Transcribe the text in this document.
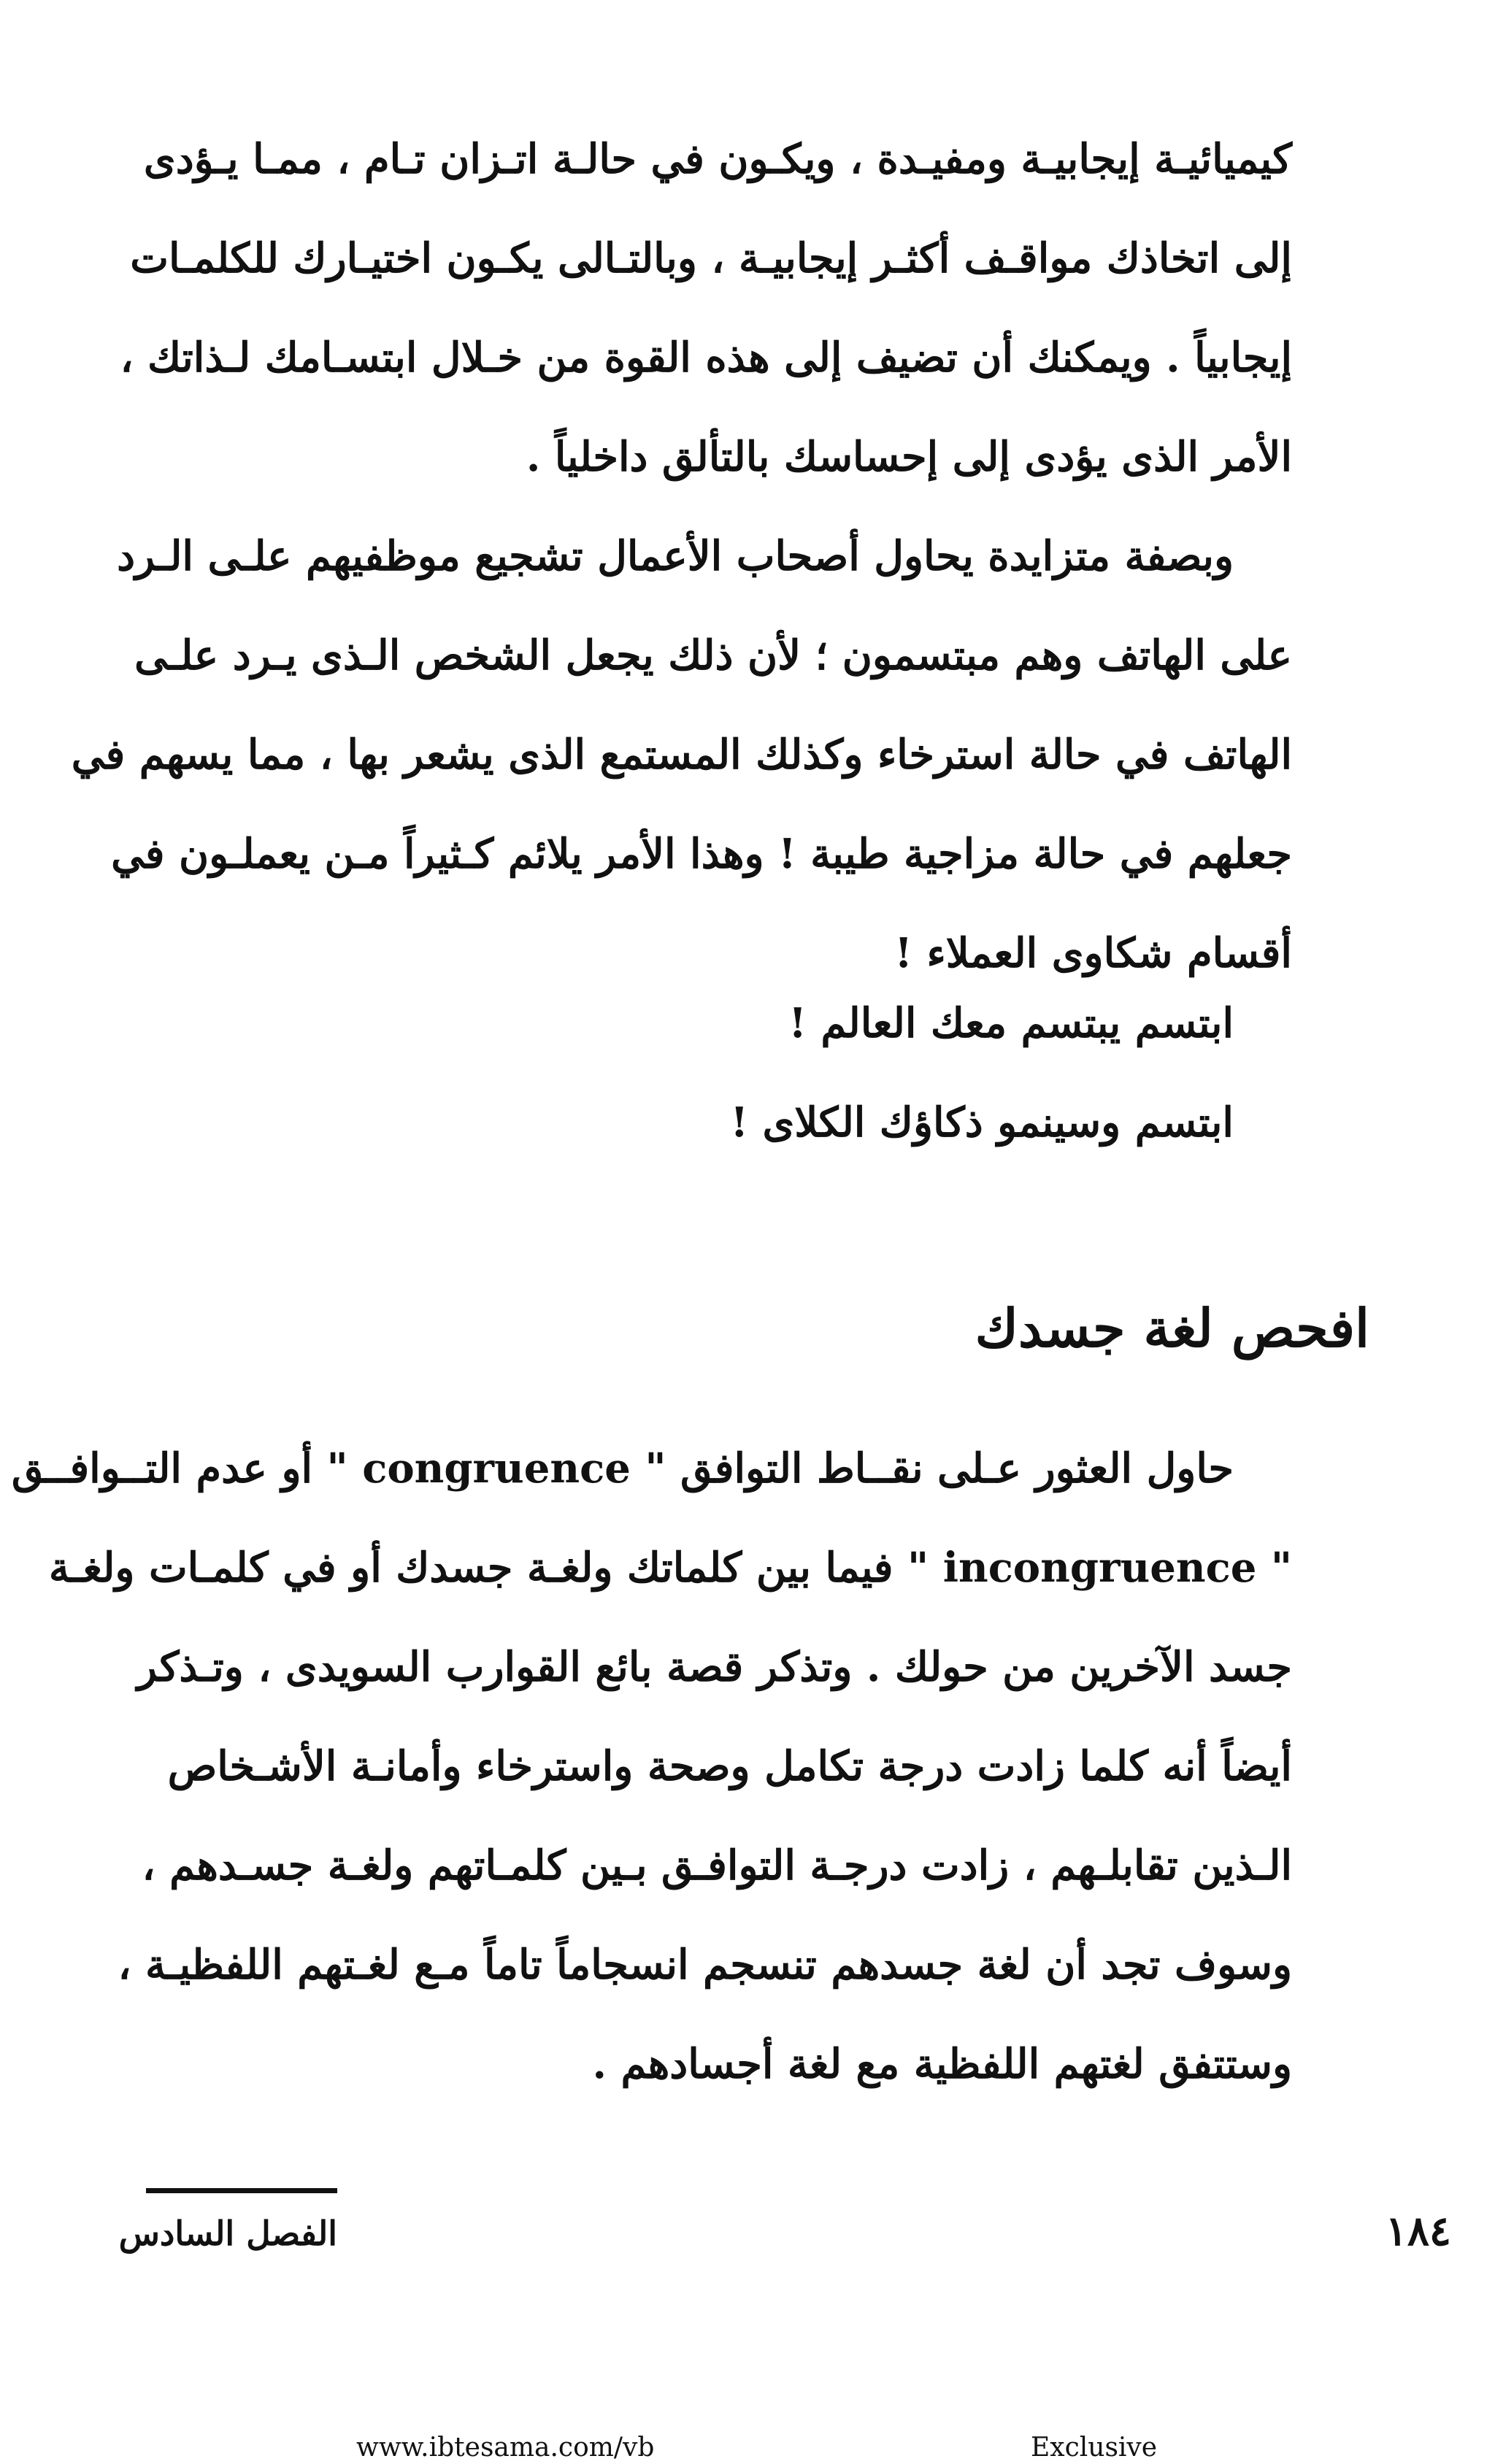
كيميائيـة إيجابيـة ومفيـدة ، ويكـون في حالـة اتـزان تـام ، ممـا يـؤدى
إلى اتخاذك مواقـف أكثـر إيجابيـة ، وبالتـالى يكـون اختيـارك للكلمـات
إيجابياً . ويمكنك أن تضيف إلى هذه القوة من خـلال ابتسـامك لـذاتك ،
الأمر الذى يؤدى إلى إحساسك بالتألق داخلياً .
وبصفة متزايدة يحاول أصحاب الأعمال تشجيع موظفيهم علـى الـرد
على الهاتف وهم مبتسمون ؛ لأن ذلك يجعل الشخص الـذى يـرد علـى
الهاتف في حالة استرخاء وكذلك المستمع الذى يشعر بها ، مما يسهم في
جعلهم في حالة مزاجية طيبة ! وهذا الأمر يلائم كـثيراً مـن يعملـون في
أقسام شكاوى العملاء !
ابتسم يبتسم معك العالم !
ابتسم وسينمو ذكاؤك الكلاى !
افحص لغة جسدك
حاول العثور عـلى نقــاط التوافق " congruence " أو عدم التــوافــق
" incongruence " فيما بين كلماتك ولغـة جسدك أو في كلمـات ولغـة
جسد الآخرين من حولك . وتذكر قصة بائع القوارب السويدى ، وتـذكر
أيضاً أنه كلما زادت درجة تكامل وصحة واسترخاء وأمانـة الأشـخاص
الـذين تقابلـهم ، زادت درجـة التوافـق بـين كلمـاتهم ولغـة جسـدهم ،
وسوف تجد أن لغة جسدهم تنسجم انسجاماً تاماً مـع لغـتهم اللفظيـة ،
وستتفق لغتهم اللفظية مع لغة أجسادهم .
الفصل السادس	١٨٤
www.ibtesama.com/vb	Exclusive
